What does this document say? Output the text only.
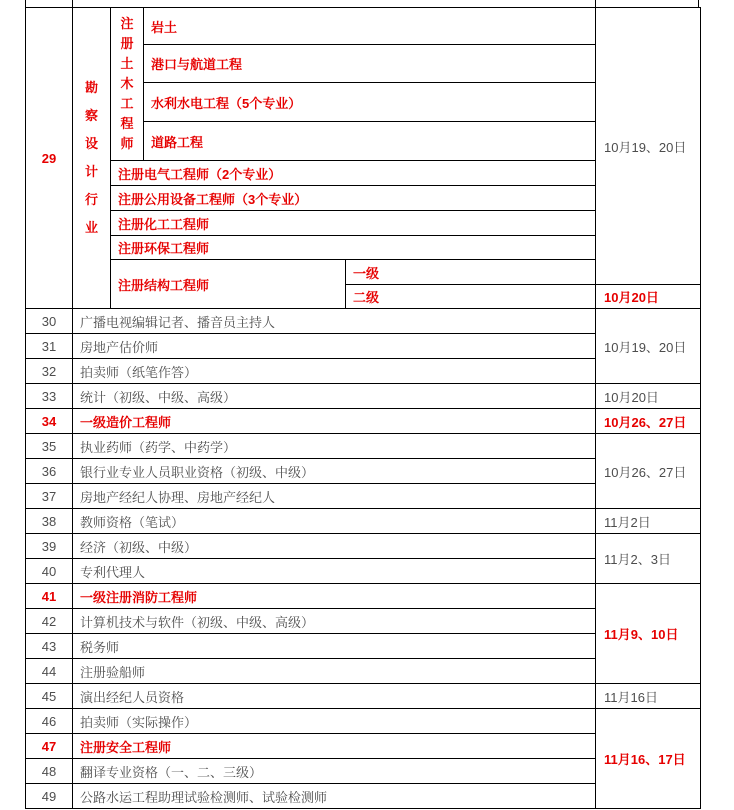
29	勘察设计行业	注册土木工程师	岩土		10月19、20日
			港口与航道工程		
			水利水电工程（5个专业）		
			道路工程		
		注册电气工程师（2个专业）			
		注册公用设备工程师（3个专业）			
		注册化工工程师			
		注册环保工程师			
		注册结构工程师		一级	
				二级	10月20日
30	广播电视编辑记者、播音员主持人				10月19、20日
31	房地产估价师				
32	拍卖师（纸笔作答）				
33	统计（初级、中级、高级）				10月20日
34	一级造价工程师				10月26、27日
35	执业药师（药学、中药学）				10月26、27日
36	银行业专业人员职业资格（初级、中级）				
37	房地产经纪人协理、房地产经纪人				
38	教师资格（笔试）				11月2日
39	经济（初级、中级）				11月2、3日
40	专利代理人				
41	一级注册消防工程师				11月9、10日
42	计算机技术与软件（初级、中级、高级）				
43	税务师				
44	注册验船师				
45	演出经纪人员资格				11月16日
46	拍卖师（实际操作）				11月16、17日
47	注册安全工程师				
48	翻译专业资格（一、二、三级）				
49	公路水运工程助理试验检测师、试验检测师				
